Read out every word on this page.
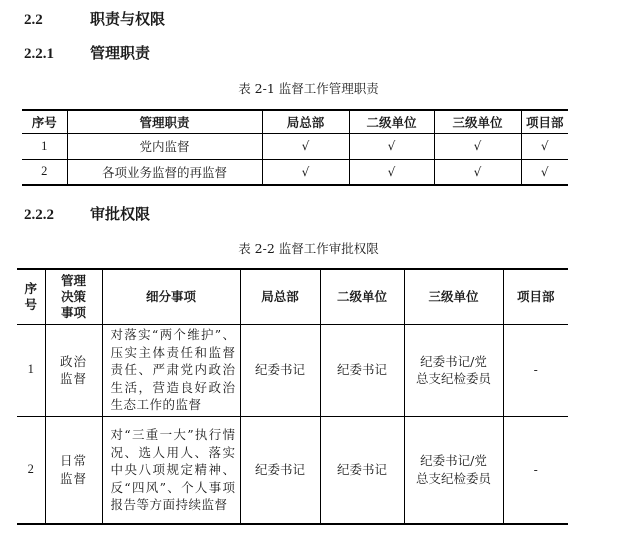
2.2	职责与权限
2.2.1 管理职责
表 2-1 监督工作管理职责
序号	管理职责	局总部	二级单位	三级单位	项目部
1	党内监督	√	√	√	√
2	各项业务监督的再监督	√	√	√	√
2.2.2 审批权限
表 2-2 监督工作审批权限
序号	管理决策事项	细分事项	局总部	二级单位	三级单位	项目部
1	政治监督	对落实“两个维护”、压实主体责任和监督责任、严肃党内政治生活，营造良好政治生态工作的监督	纪委书记	纪委书记	纪委书记/党总支纪检委员	-
2	日常监督	对“三重一大”执行情况、选人用人、落实中央八项规定精神、反“四风”、个人事项报告等方面持续监督	纪委书记	纪委书记	纪委书记/党总支纪检委员	-
